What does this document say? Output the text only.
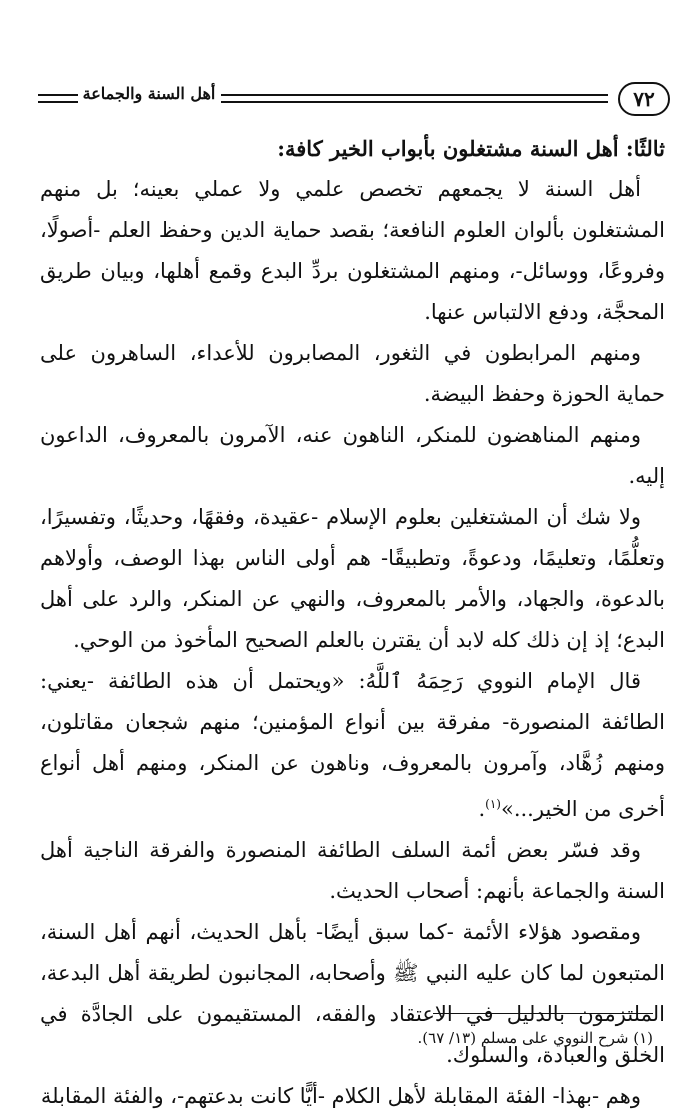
أهل السنة والجماعة	٧٢

ثالثًا: أهل السنة مشتغلون بأبواب الخير كافة:

أهل السنة لا يجمعهم تخصص علمي ولا عملي بعينه؛ بل منهم المشتغلون بألوان العلوم النافعة؛ بقصد حماية الدين وحفظ العلم -أصولًا، وفروعًا، ووسائل-، ومنهم المشتغلون بردِّ البدع وقمع أهلها، وبيان طريق المحجَّة، ودفع الالتباس عنها.

ومنهم المرابطون في الثغور، المصابرون للأعداء، الساهرون على حماية الحوزة وحفظ البيضة.

ومنهم المناهضون للمنكر، الناهون عنه، الآمرون بالمعروف، الداعون إليه.

ولا شك أن المشتغلين بعلوم الإسلام -عقيدة، وفقهًا، وحديثًا، وتفسيرًا، وتعلُّمًا، وتعليمًا، ودعوةً، وتطبيقًا- هم أولى الناس بهذا الوصف، وأولاهم بالدعوة، والجهاد، والأمر بالمعروف، والنهي عن المنكر، والرد على أهل البدع؛ إذ إن ذلك كله لابد أن يقترن بالعلم الصحيح المأخوذ من الوحي.

قال الإمام النووي رَحِمَهُ ٱللَّهُ: «ويحتمل أن هذه الطائفة -يعني: الطائفة المنصورة- مفرقة بين أنواع المؤمنين؛ منهم شجعان مقاتلون، ومنهم زُهَّاد، وآمرون بالمعروف، وناهون عن المنكر، ومنهم أهل أنواع أخرى من الخير...»$^{(١)}$.

وقد فسّر بعض أئمة السلف الطائفة المنصورة والفرقة الناجية أهل السنة والجماعة بأنهم: أصحاب الحديث.

ومقصود هؤلاء الأئمة -كما سبق أيضًا- بأهل الحديث، أنهم أهل السنة، المتبعون لما كان عليه النبي ﷺ وأصحابه، المجانبون لطريقة أهل البدعة، الملتزمون بالدليل في الاعتقاد والفقه، المستقيمون على الجادَّة في الخلق والعبادة، والسلوك.

وهم -بهذا- الفئة المقابلة لأهل الكلام -أيًّا كانت بدعتهم-، والفئة المقابلة

(١) شرح النووي على مسلم (١٣/ ٦٧).
